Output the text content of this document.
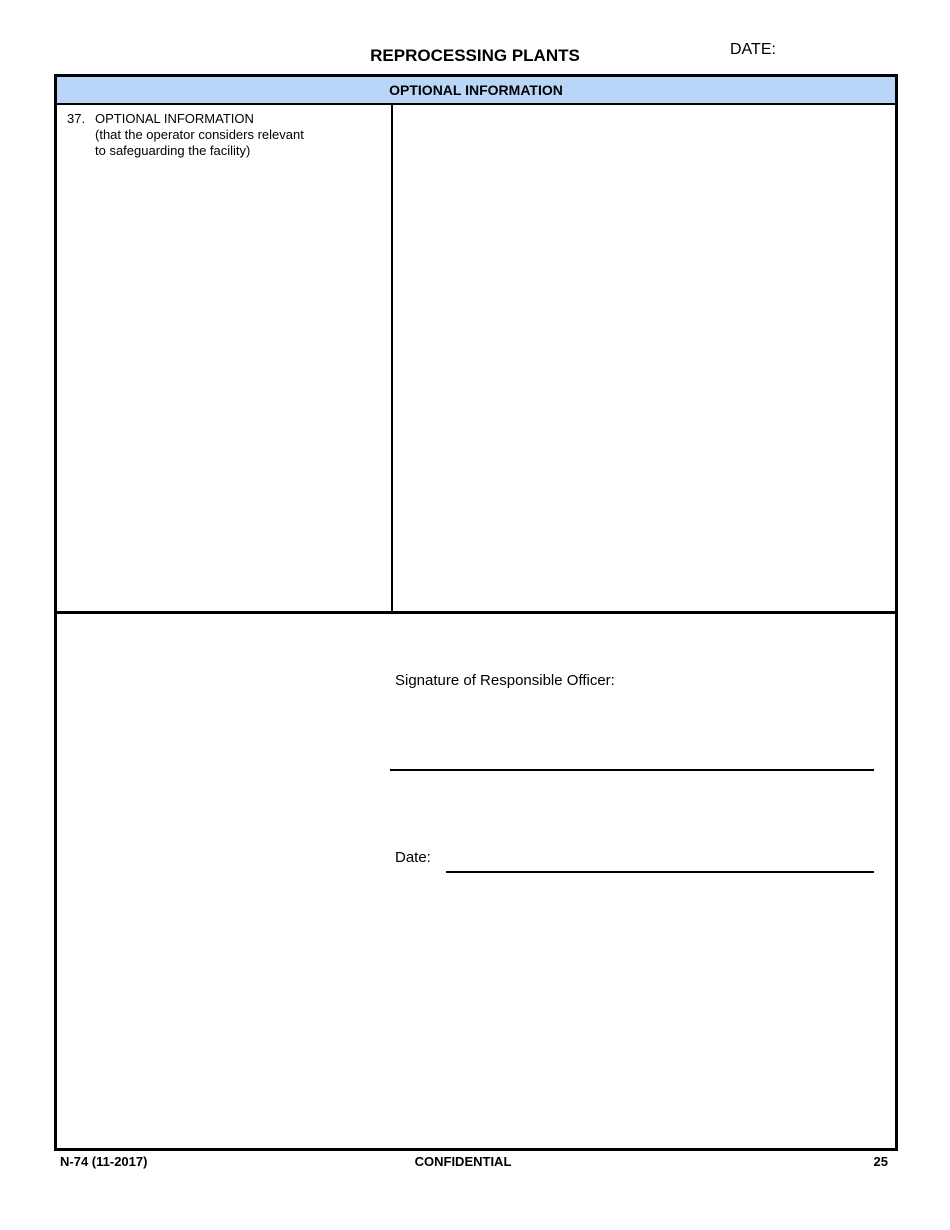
REPROCESSING PLANTS	DATE:
OPTIONAL INFORMATION
37. OPTIONAL INFORMATION
(that the operator considers relevant
to safeguarding the facility)
Signature of Responsible Officer:
Date:
N-74 (11-2017)	CONFIDENTIAL	25
